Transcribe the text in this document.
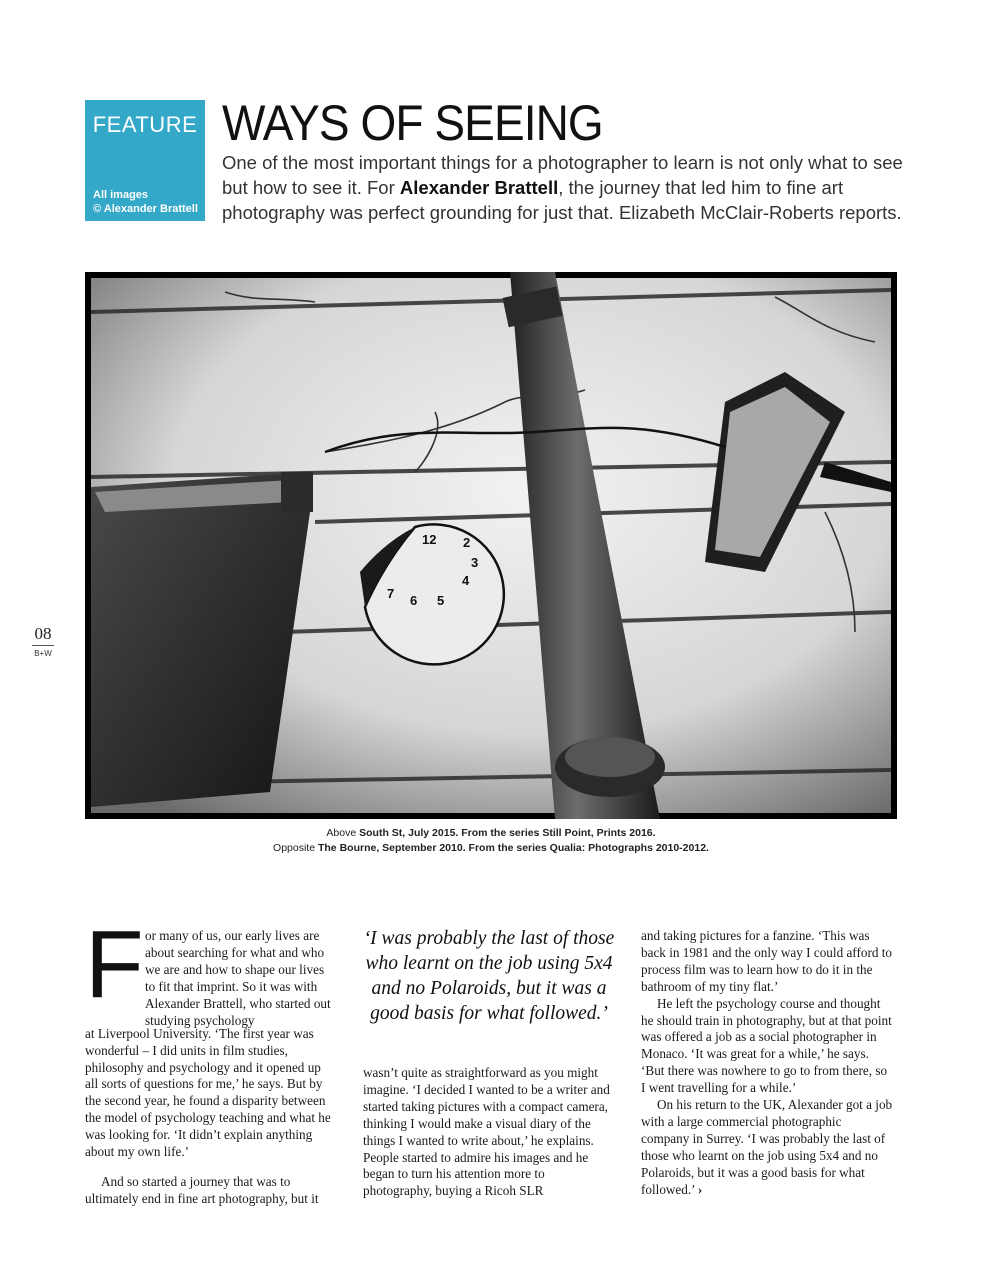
FEATURE
All images
© Alexander Brattell
WAYS OF SEEING
One of the most important things for a photographer to learn is not only what to see but how to see it. For Alexander Brattell, the journey that led him to fine art photography was perfect grounding for just that. Elizabeth McClair-Roberts reports.
08
B+W
12 2
3
4
5
6
7
Above South St, July 2015. From the series Still Point, Prints 2016.
Opposite The Bourne, September 2010. From the series Qualia: Photographs 2010-2012.
F or many of us, our early lives are about searching for what and who we are and how to shape our lives to fit that imprint. So it was with Alexander Brattell, who started out studying psychology

at Liverpool University. ‘The first year was wonderful – I did units in film studies, philosophy and psychology and it opened up all sorts of questions for me,’ he says. But by the second year, he found a disparity between the model of psychology teaching and what he was looking for. ‘It didn’t explain anything about my own life.’

And so started a journey that was to ultimately end in fine art photography, but it

‘I was probably the last of those who learnt on the job using 5x4 and no Polaroids, but it was a good basis for what followed.’

wasn’t quite as straightforward as you might imagine. ‘I decided I wanted to be a writer and started taking pictures with a compact camera, thinking I would make a visual diary of the things I wanted to write about,’ he explains. People started to admire his images and he began to turn his attention more to photography, buying a Ricoh SLR

and taking pictures for a fanzine. ‘This was back in 1981 and the only way I could afford to process film was to learn how to do it in the bathroom of my tiny flat.’

He left the psychology course and thought he should train in photography, but at that point was offered a job as a social photographer in Monaco. ‘It was great for a while,’ he says. ‘But there was nowhere to go to from there, so I went travelling for a while.’

On his return to the UK, Alexander got a job with a large commercial photographic company in Surrey. ‘I was probably the last of those who learnt on the job using 5x4 and no Polaroids, but it was a good basis for what followed.’ ›
